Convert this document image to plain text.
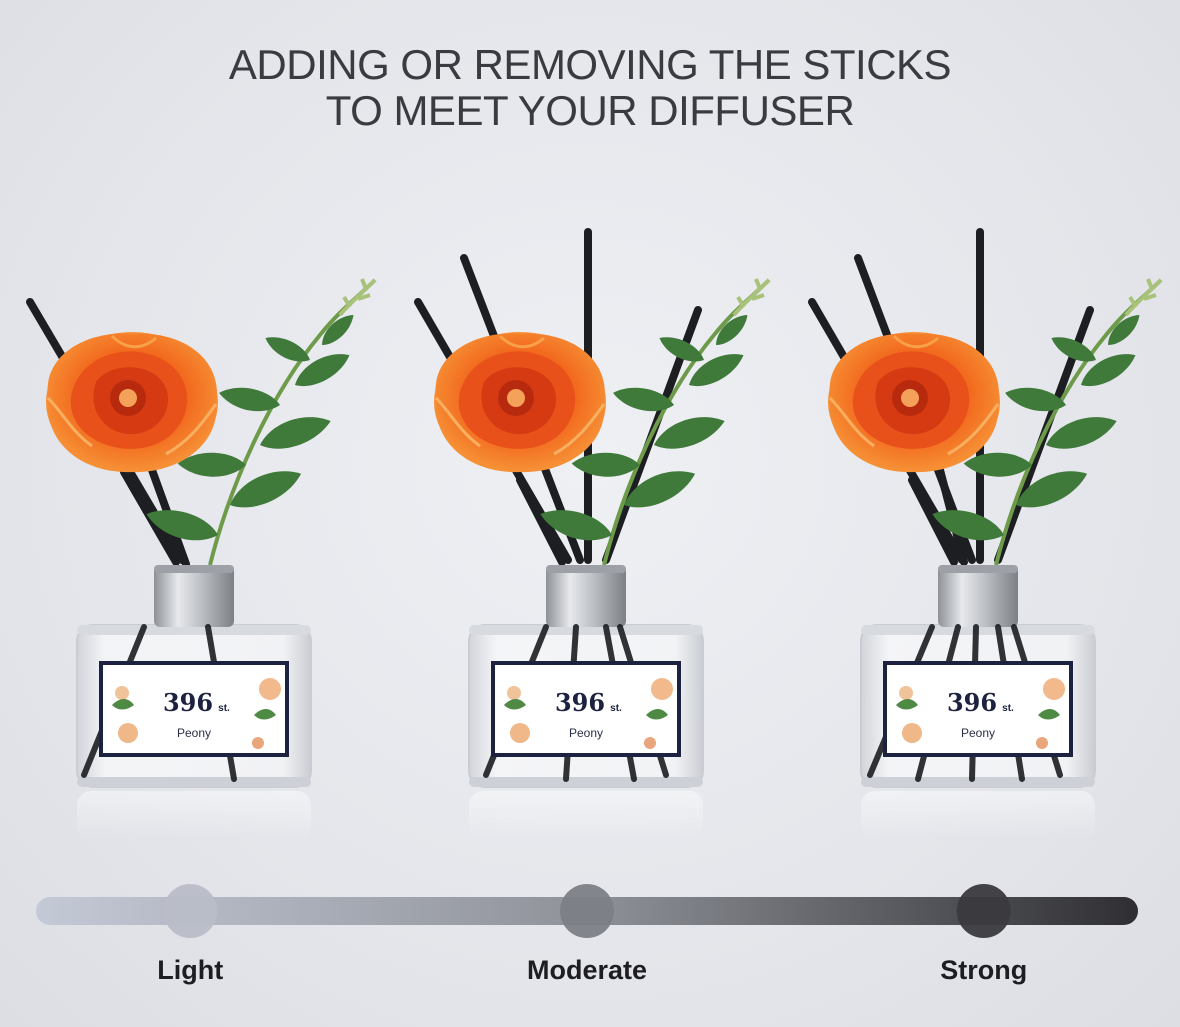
ADDING OR REMOVING THE STICKS
TO MEET YOUR DIFFUSER
396 st.
Peony
396 st.
Peony
396 st.
Peony
Light	Moderate	Strong
